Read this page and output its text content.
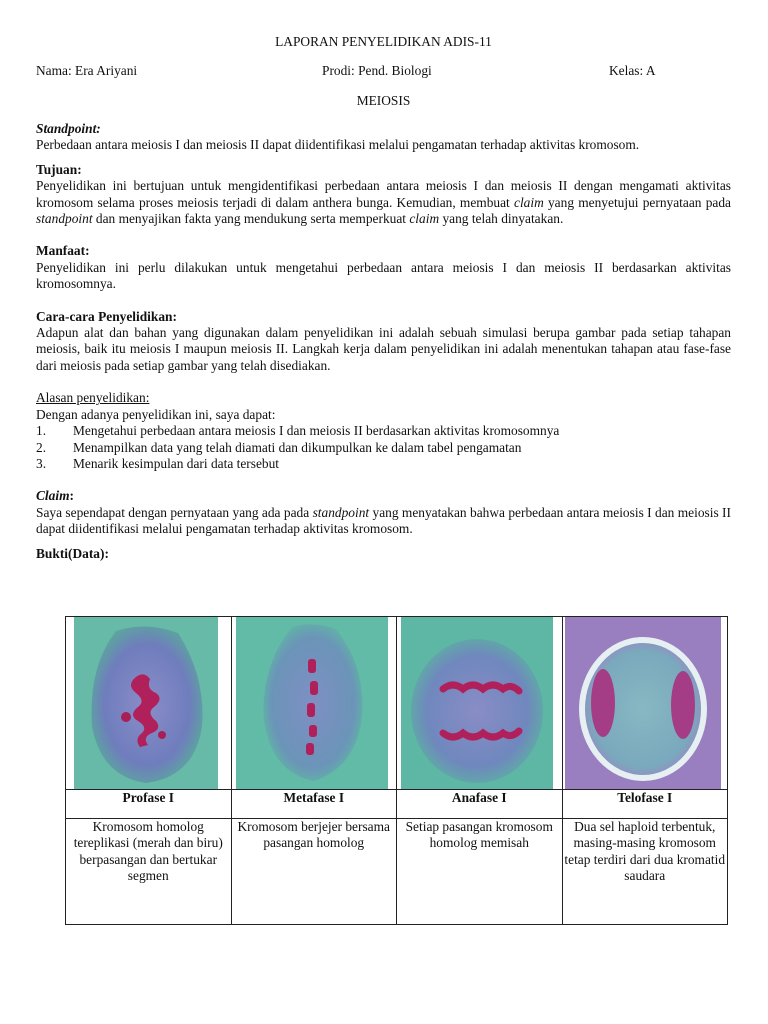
LAPORAN PENYELIDIKAN ADIS-11
Nama: Era Ariyani	Prodi: Pend. Biologi	Kelas: A
MEIOSIS

Standpoint:

Perbedaan antara meiosis I dan meiosis II dapat diidentifikasi melalui pengamatan terhadap aktivitas kromosom.

Tujuan:

Penyelidikan ini bertujuan untuk mengidentifikasi perbedaan antara meiosis I dan meiosis II dengan mengamati aktivitas kromosom selama proses meiosis terjadi di dalam anthera bunga. Kemudian, membuat claim yang menyetujui pernyataan pada standpoint dan menyajikan fakta yang mendukung serta memperkuat claim yang telah dinyatakan.

Manfaat:

Penyelidikan ini perlu dilakukan untuk mengetahui perbedaan antara meiosis I dan meiosis II berdasarkan aktivitas kromosomnya.

Cara-cara Penyelidikan:

Adapun alat dan bahan yang digunakan dalam penyelidikan ini adalah sebuah simulasi berupa gambar pada setiap tahapan meiosis, baik itu meiosis I maupun meiosis II. Langkah kerja dalam penyelidikan ini adalah menentukan tahapan atau fase-fase dari meiosis pada setiap gambar yang telah disediakan.

Alasan penyelidikan:

Dengan adanya penyelidikan ini, saya dapat:

1. Mengetahui perbedaan antara meiosis I dan meiosis II berdasarkan aktivitas kromosomnya
2. Menampilkan data yang telah diamati dan dikumpulkan ke dalam tabel pengamatan
3. Menarik kesimpulan dari data tersebut

Claim:

Saya sependapat dengan pernyataan yang ada pada standpoint yang menyatakan bahwa perbedaan antara meiosis I dan meiosis II dapat diidentifikasi melalui pengamatan terhadap aktivitas kromosom.

Bukti(Data):

Profase I	Metafase I	Anafase I	Telofase I
Kromosom homolog tereplikasi (merah dan biru) berpasangan dan bertukar segmen	Kromosom berjejer bersama pasangan homolog	Setiap pasangan kromosom homolog memisah	Dua sel haploid terbentuk, masing-masing kromosom tetap terdiri dari dua kromatid saudara
